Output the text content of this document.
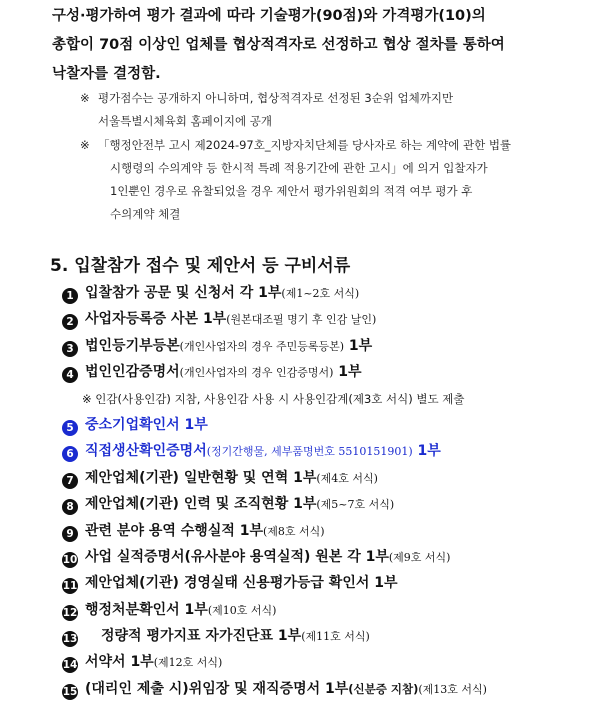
구성·평가하여 평가 결과에 따라 기술평가(90점)와 가격평가(10)의
총합이 70점 이상인 업체를 협상적격자로 선정하고 협상 절차를 통하여
낙찰자를 결정함.
※ 평가점수는 공개하지 아니하며, 협상적격자로 선정된 3순위 업체까지만
서울특별시체육회 홈페이지에 공개
※ 「행정안전부 고시 제2024-97호_지방자치단체를 당사자로 하는 계약에 관한 법률
시행령의 수의계약 등 한시적 특례 적용기간에 관한 고시」에 의거 입찰자가
1인뿐인 경우로 유찰되었을 경우 제안서 평가위원회의 적격 여부 평가 후
수의계약 체결
5. 입찰참가 접수 및 제안서 등 구비서류
1 입찰참가 공문 및 신청서 각 1부(제1~2호 서식)
2 사업자등록증 사본 1부(원본대조필 명기 후 인감 날인)
3 법인등기부등본(개인사업자의 경우 주민등록등본) 1부
4 법인인감증명서(개인사업자의 경우 인감증명서) 1부
※ 인감(사용인감) 지참, 사용인감 사용 시 사용인감계(제3호 서식) 별도 제출
5 중소기업확인서 1부
6 직접생산확인증명서(정기간행물, 세부품명번호 5510151901) 1부
7 제안업체(기관) 일반현황 및 연혁 1부(제4호 서식)
8 제안업체(기관) 인력 및 조직현황 1부(제5~7호 서식)
9 관련 분야 용역 수행실적 1부(제8호 서식)
10 사업 실적증명서(유사분야 용역실적) 원본 각 1부(제9호 서식)
11 제안업체(기관) 경영실태 신용평가등급 확인서 1부
12 행정처분확인서 1부(제10호 서식)
13 정량적 평가지표 자가진단표 1부(제11호 서식)
14 서약서 1부(제12호 서식)
15 (대리인 제출 시)위임장 및 재직증명서 1부(신분증 지참)(제13호 서식)
